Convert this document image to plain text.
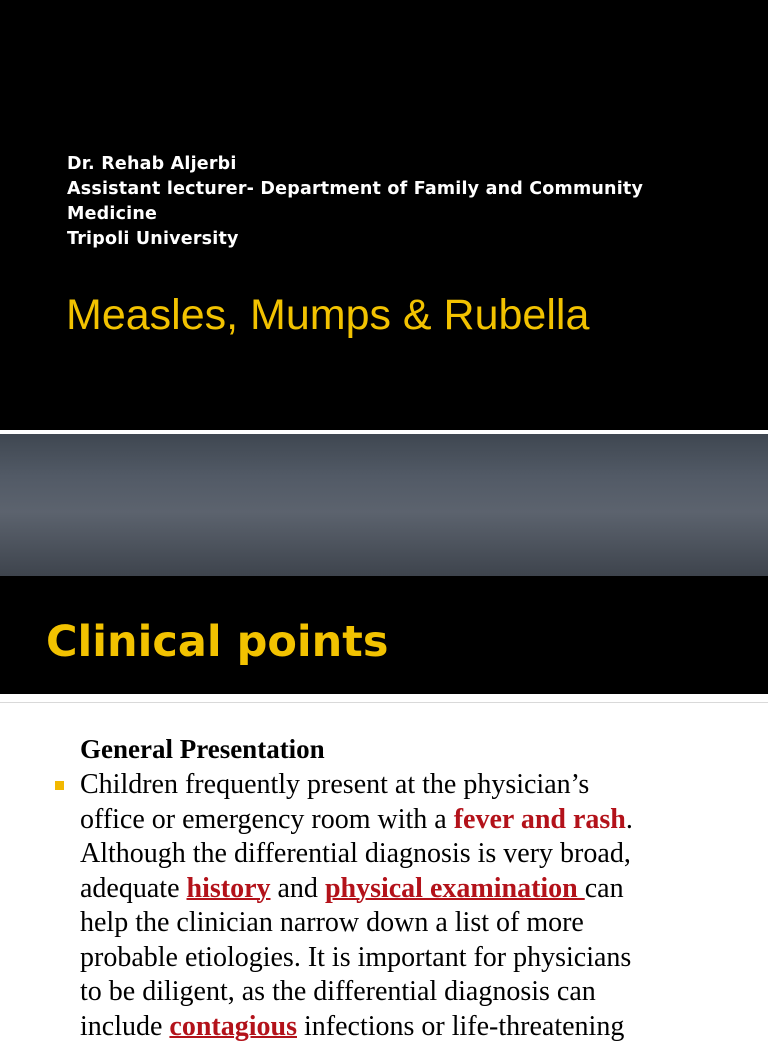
Dr. Rehab Aljerbi
Assistant lecturer- Department of Family and Community
Medicine
Tripoli University
Measles, Mumps & Rubella
Clinical points
General Presentation
Children frequently present at the physician’s
office or emergency room with a fever and rash.
Although the differential diagnosis is very broad,
adequate history and physical examination can
help the clinician narrow down a list of more
probable etiologies. It is important for physicians
to be diligent, as the differential diagnosis can
include contagious infections or life-threatening
